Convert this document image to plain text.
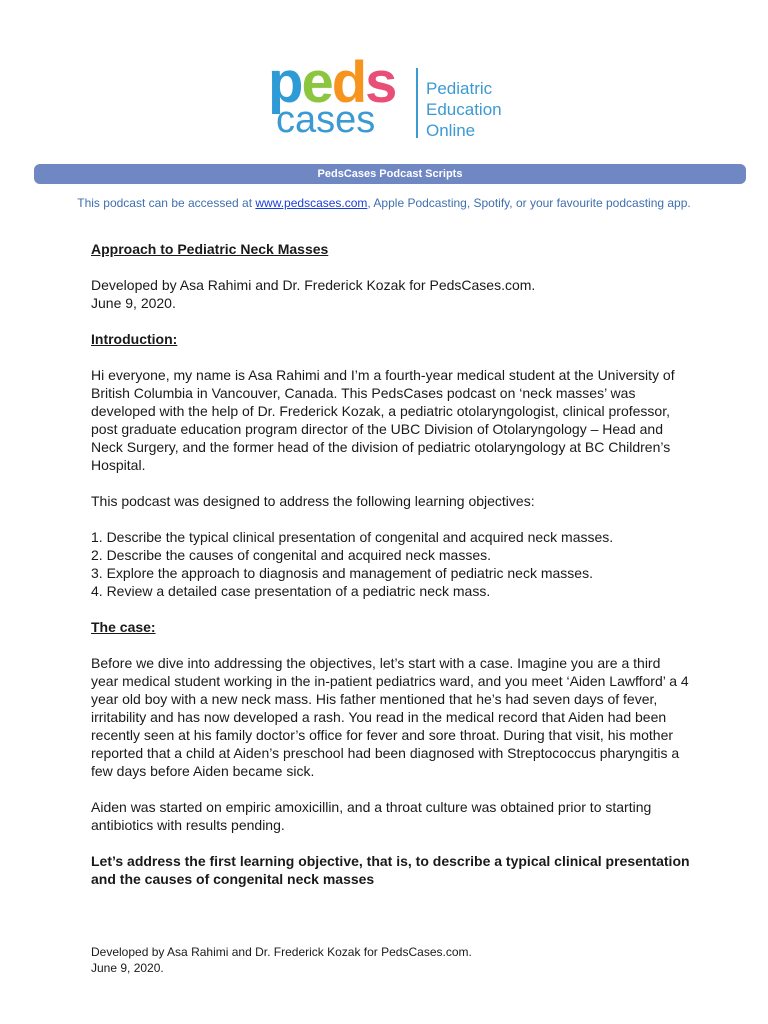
peds
cases
Pediatric
Education
Online
PedsCases Podcast Scripts
This podcast can be accessed at www.pedscases.com, Apple Podcasting, Spotify, or your favourite podcasting app.

Approach to Pediatric Neck Masses

Developed by Asa Rahimi and Dr. Frederick Kozak for PedsCases.com.

June 9, 2020.

Introduction:

Hi everyone, my name is Asa Rahimi and I’m a fourth-year medical student at the University of British Columbia in Vancouver, Canada. This PedsCases podcast on ‘neck masses’ was developed with the help of Dr. Frederick Kozak, a pediatric otolaryngologist, clinical professor, post graduate education program director of the UBC Division of Otolaryngology – Head and Neck Surgery, and the former head of the division of pediatric otolaryngology at BC Children’s Hospital.

This podcast was designed to address the following learning objectives:

1. Describe the typical clinical presentation of congenital and acquired neck masses.

2. Describe the causes of congenital and acquired neck masses.

3. Explore the approach to diagnosis and management of pediatric neck masses.

4. Review a detailed case presentation of a pediatric neck mass.

The case:

Before we dive into addressing the objectives, let’s start with a case. Imagine you are a third year medical student working in the in-patient pediatrics ward, and you meet ‘Aiden Lawfford’ a 4 year old boy with a new neck mass. His father mentioned that he’s had seven days of fever, irritability and has now developed a rash. You read in the medical record that Aiden had been recently seen at his family doctor’s office for fever and sore throat. During that visit, his mother reported that a child at Aiden’s preschool had been diagnosed with Streptococcus pharyngitis a few days before Aiden became sick.

Aiden was started on empiric amoxicillin, and a throat culture was obtained prior to starting antibiotics with results pending.

Let’s address the first learning objective, that is, to describe a typical clinical presentation and the causes of congenital neck masses

Developed by Asa Rahimi and Dr. Frederick Kozak for PedsCases.com.

June 9, 2020.
